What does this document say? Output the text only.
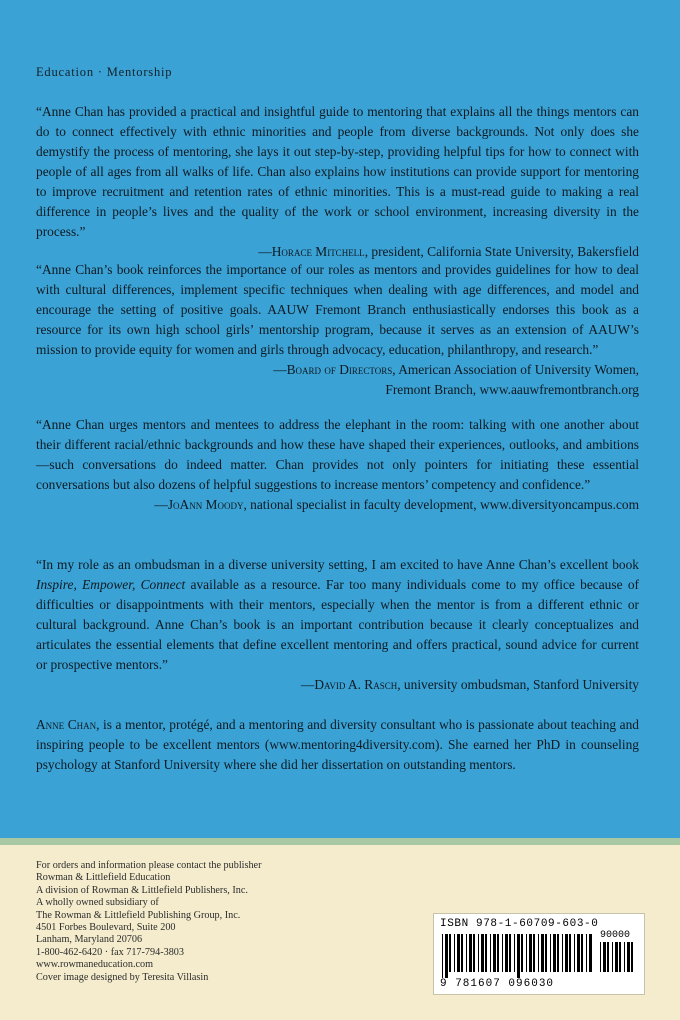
Education · Mentorship

“Anne Chan has provided a practical and insightful guide to mentoring that explains all the things mentors can do to connect effectively with ethnic minorities and people from diverse backgrounds. Not only does she demystify the process of mentoring, she lays it out step-by-step, providing helpful tips for how to connect with people of all ages from all walks of life. Chan also explains how institutions can provide support for mentoring to improve recruitment and retention rates of ethnic minorities. This is a must-read guide to making a real difference in people’s lives and the quality of the work or school environment, increasing diversity in the process.”

—Horace Mitchell, president, California State University, Bakersfield

“Anne Chan’s book reinforces the importance of our roles as mentors and provides guidelines for how to deal with cultural differences, implement specific techniques when dealing with age differences, and model and encourage the setting of positive goals. AAUW Fremont Branch enthusiastically endorses this book as a resource for its own high school girls’ mentorship program, because it serves as an extension of AAUW’s mission to provide equity for women and girls through advocacy, education, philanthropy, and research.”

—Board of Directors, American Association of University Women,

Fremont Branch, www.aauwfremontbranch.org

“Anne Chan urges mentors and mentees to address the elephant in the room: talking with one another about their different racial/ethnic backgrounds and how these have shaped their experiences, outlooks, and ambitions—such conversations do indeed matter. Chan provides not only pointers for initiating these essential conversations but also dozens of helpful suggestions to increase mentors’ competency and confidence.”

—JoAnn Moody, national specialist in faculty development, www.diversityoncampus.com

“In my role as an ombudsman in a diverse university setting, I am excited to have Anne Chan’s excellent book Inspire, Empower, Connect available as a resource. Far too many individuals come to my office because of difficulties or disappointments with their mentors, especially when the mentor is from a different ethnic or cultural background. Anne Chan’s book is an important contribution because it clearly conceptualizes and articulates the essential elements that define excellent mentoring and offers practical, sound advice for current or prospective mentors.”

—David A. Rasch, university ombudsman, Stanford University

Anne Chan, is a mentor, protégé, and a mentoring and diversity consultant who is passionate about teaching and inspiring people to be excellent mentors (www.mentoring4diversity.com). She earned her PhD in counseling psychology at Stanford University where she did her dissertation on outstanding mentors.

For orders and information please contact the publisher
Rowman & Littlefield Education
A division of Rowman & Littlefield Publishers, Inc.
A wholly owned subsidiary of
The Rowman & Littlefield Publishing Group, Inc.
4501 Forbes Boulevard, Suite 200
Lanham, Maryland 20706
1-800-462-6420 · fax 717-794-3803
www.rowmaneducation.com
Cover image designed by Teresita Villasin
ISBN 978-1-60709-603-0
90000
9 781607 096030
